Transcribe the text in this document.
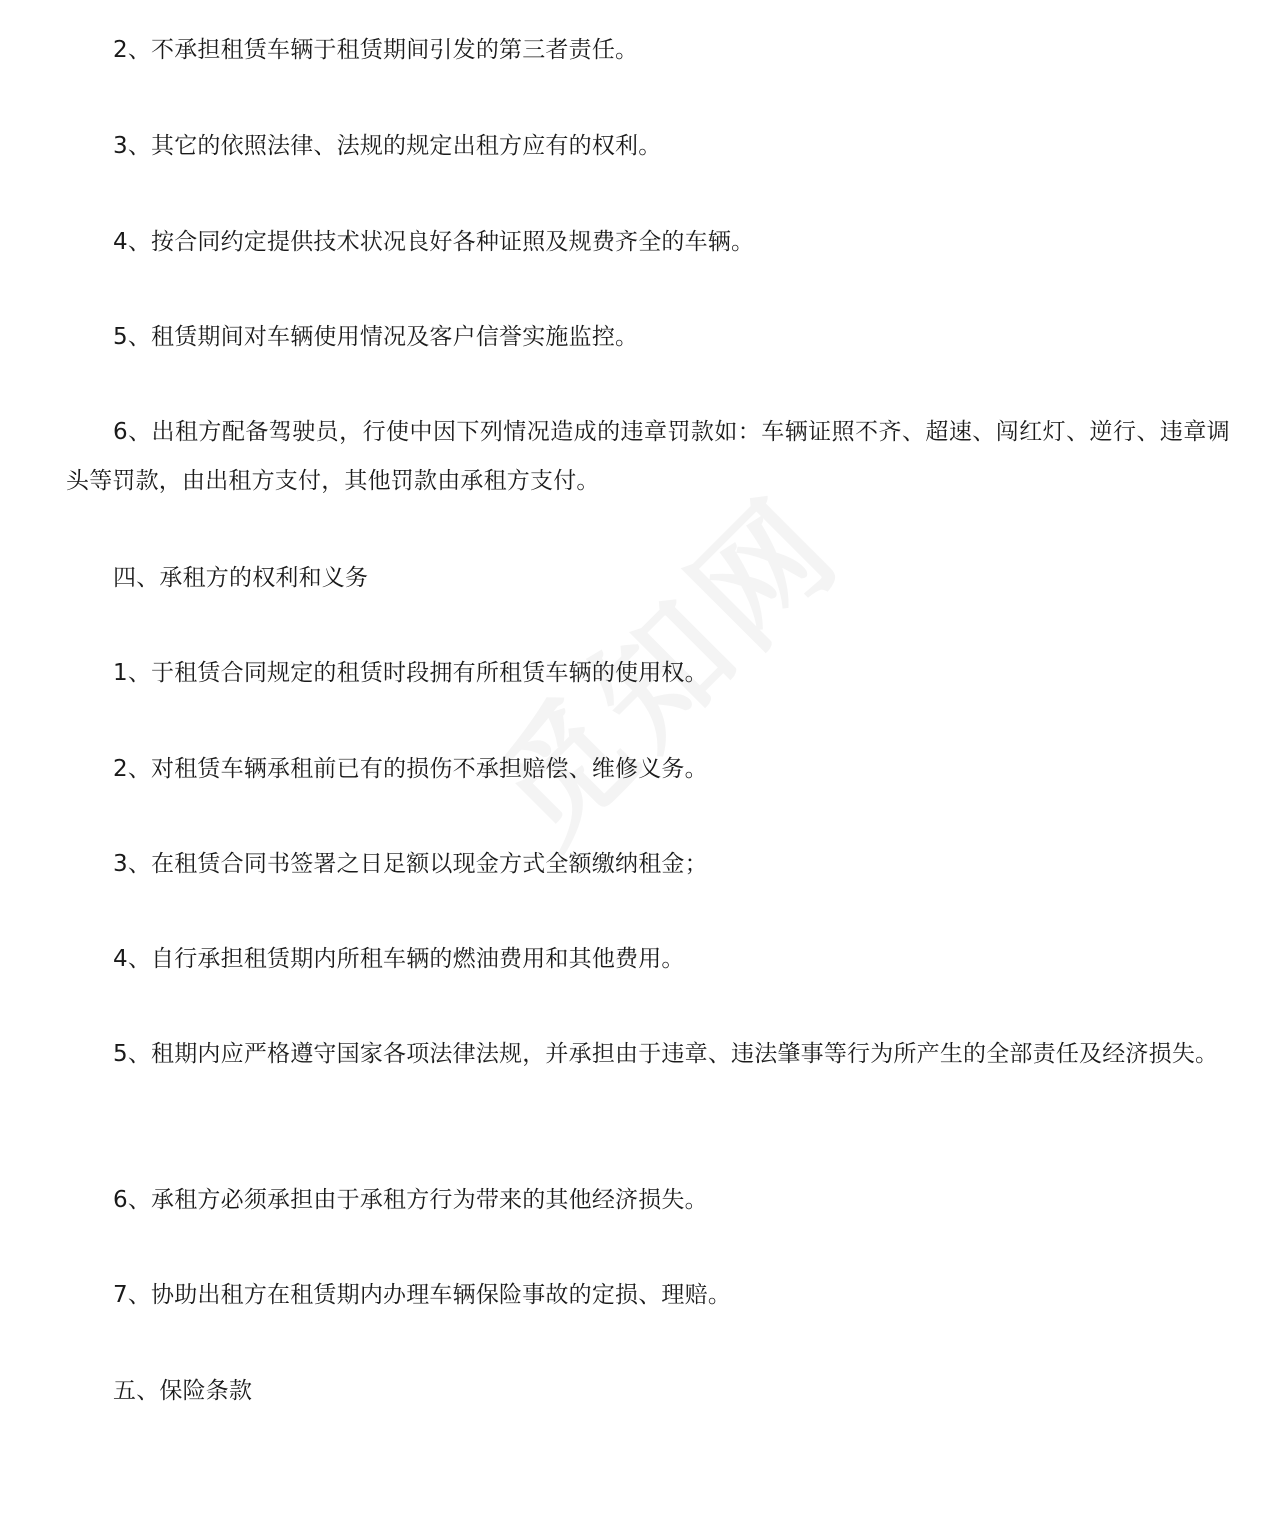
2、不承担租赁车辆于租赁期间引发的第三者责任。

3、其它的依照法律、法规的规定出租方应有的权利。

4、按合同约定提供技术状况良好各种证照及规费齐全的车辆。

5、租赁期间对车辆使用情况及客户信誉实施监控。

6、出租方配备驾驶员，行使中因下列情况造成的违章罚款如：车辆证照不齐、超速、闯红灯、逆行、违章调头等罚款，由出租方支付，其他罚款由承租方支付。

四、承租方的权利和义务

1、于租赁合同规定的租赁时段拥有所租赁车辆的使用权。

2、对租赁车辆承租前已有的损伤不承担赔偿、维修义务。

3、在租赁合同书签署之日足额以现金方式全额缴纳租金；

4、自行承担租赁期内所租车辆的燃油费用和其他费用。

5、租期内应严格遵守国家各项法律法规，并承担由于违章、违法肇事等行为所产生的全部责任及经济损失。

6、承租方必须承担由于承租方行为带来的其他经济损失。

7、协助出租方在租赁期内办理车辆保险事故的定损、理赔。

五、保险条款
